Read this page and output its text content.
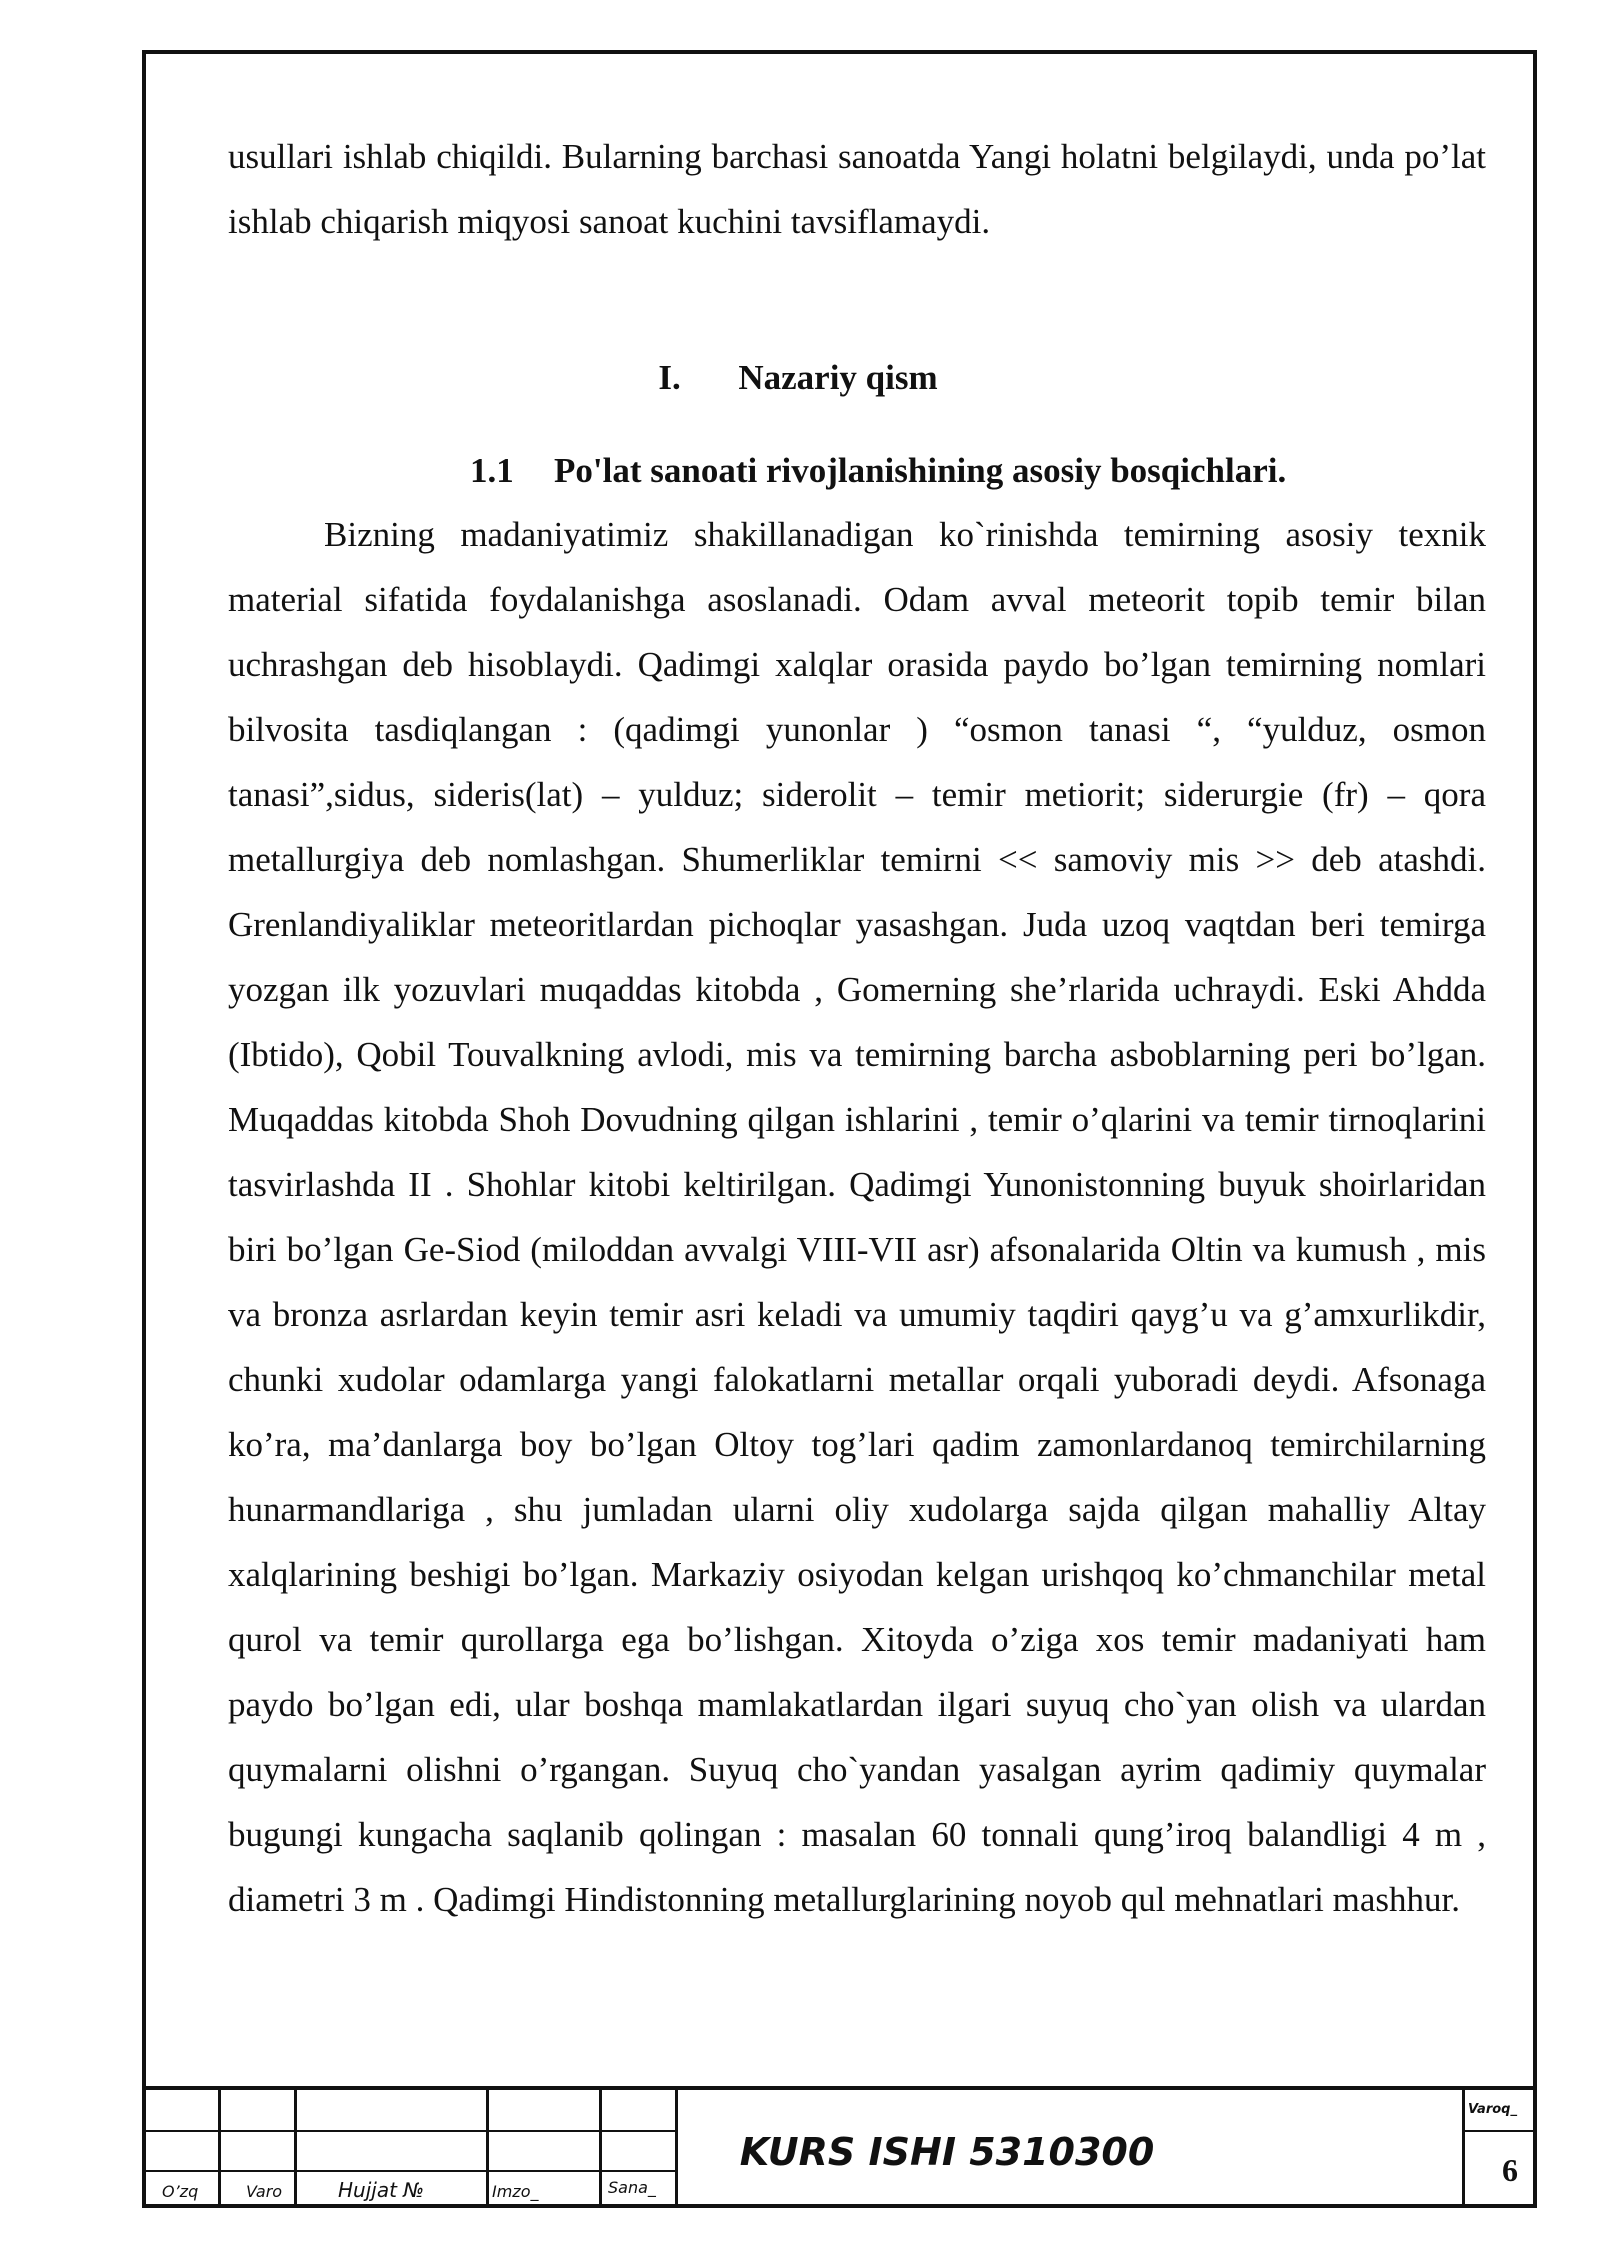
usullari ishlab chiqildi. Bularning barchasi sanoatda Yangi holatni belgilaydi, unda po’lat ishlab chiqarish miqyosi sanoat kuchini tavsiflamaydi.

I. Nazariy qism
1.1 Po'lat sanoati rivojlanishining asosiy bosqichlari.

Bizning madaniyatimiz shakillanadigan ko`rinishda temirning asosiy texnik material sifatida foydalanishga asoslanadi. Odam avval meteorit topib temir bilan uchrashgan deb hisoblaydi. Qadimgi xalqlar orasida paydo bo’lgan temirning nomlari bilvosita tasdiqlangan : (qadimgi yunonlar ) “osmon tanasi “, “yulduz, osmon tanasi”,sidus, sideris(lat) – yulduz; siderolit – temir metiorit; siderurgie (fr) – qora metallurgiya deb nomlashgan. Shumerliklar temirni << samoviy mis >> deb atashdi. Grenlandiyaliklar meteoritlardan pichoqlar yasashgan. Juda uzoq vaqtdan beri temirga yozgan ilk yozuvlari muqaddas kitobda , Gomerning she’rlarida uchraydi. Eski Ahdda (Ibtido), Qobil Touvalkning avlodi, mis va temirning barcha asboblarning peri bo’lgan. Muqaddas kitobda Shoh Dovudning qilgan ishlarini , temir o’qlarini va temir tirnoqlarini tasvirlashda II . Shohlar kitobi keltirilgan. Qadimgi Yunonistonning buyuk shoirlaridan biri bo’lgan Ge-Siod (miloddan avvalgi VIII-VII asr) afsonalarida Oltin va kumush , mis va bronza asrlardan keyin temir asri keladi va umumiy taqdiri qayg’u va g’amxurlikdir, chunki xudolar odamlarga yangi falokatlarni metallar orqali yuboradi deydi. Afsonaga ko’ra, ma’danlarga boy bo’lgan Oltoy tog’lari qadim zamonlardanoq temirchilarning hunarmandlariga , shu jumladan ularni oliy xudolarga sajda qilgan mahalliy Altay xalqlarining beshigi bo’lgan. Markaziy osiyodan kelgan urishqoq ko’chmanchilar metal qurol va temir qurollarga ega bo’lishgan. Xitoyda o’ziga xos temir madaniyati ham paydo bo’lgan edi, ular boshqa mamlakatlardan ilgari suyuq cho`yan olish va ulardan quymalarni olishni o’rgangan. Suyuq cho`yandan yasalgan ayrim qadimiy quymalar bugungi kungacha saqlanib qolingan : masalan 60 tonnali qung’iroq balandligi 4 m , diametri 3 m . Qadimgi Hindistonning metallurglarining noyob qul mehnatlari mashhur.

O’zq	Varo	Hujjat №	Imzo_	Sana_
KURS ISHI 5310300
Varoq_
6
